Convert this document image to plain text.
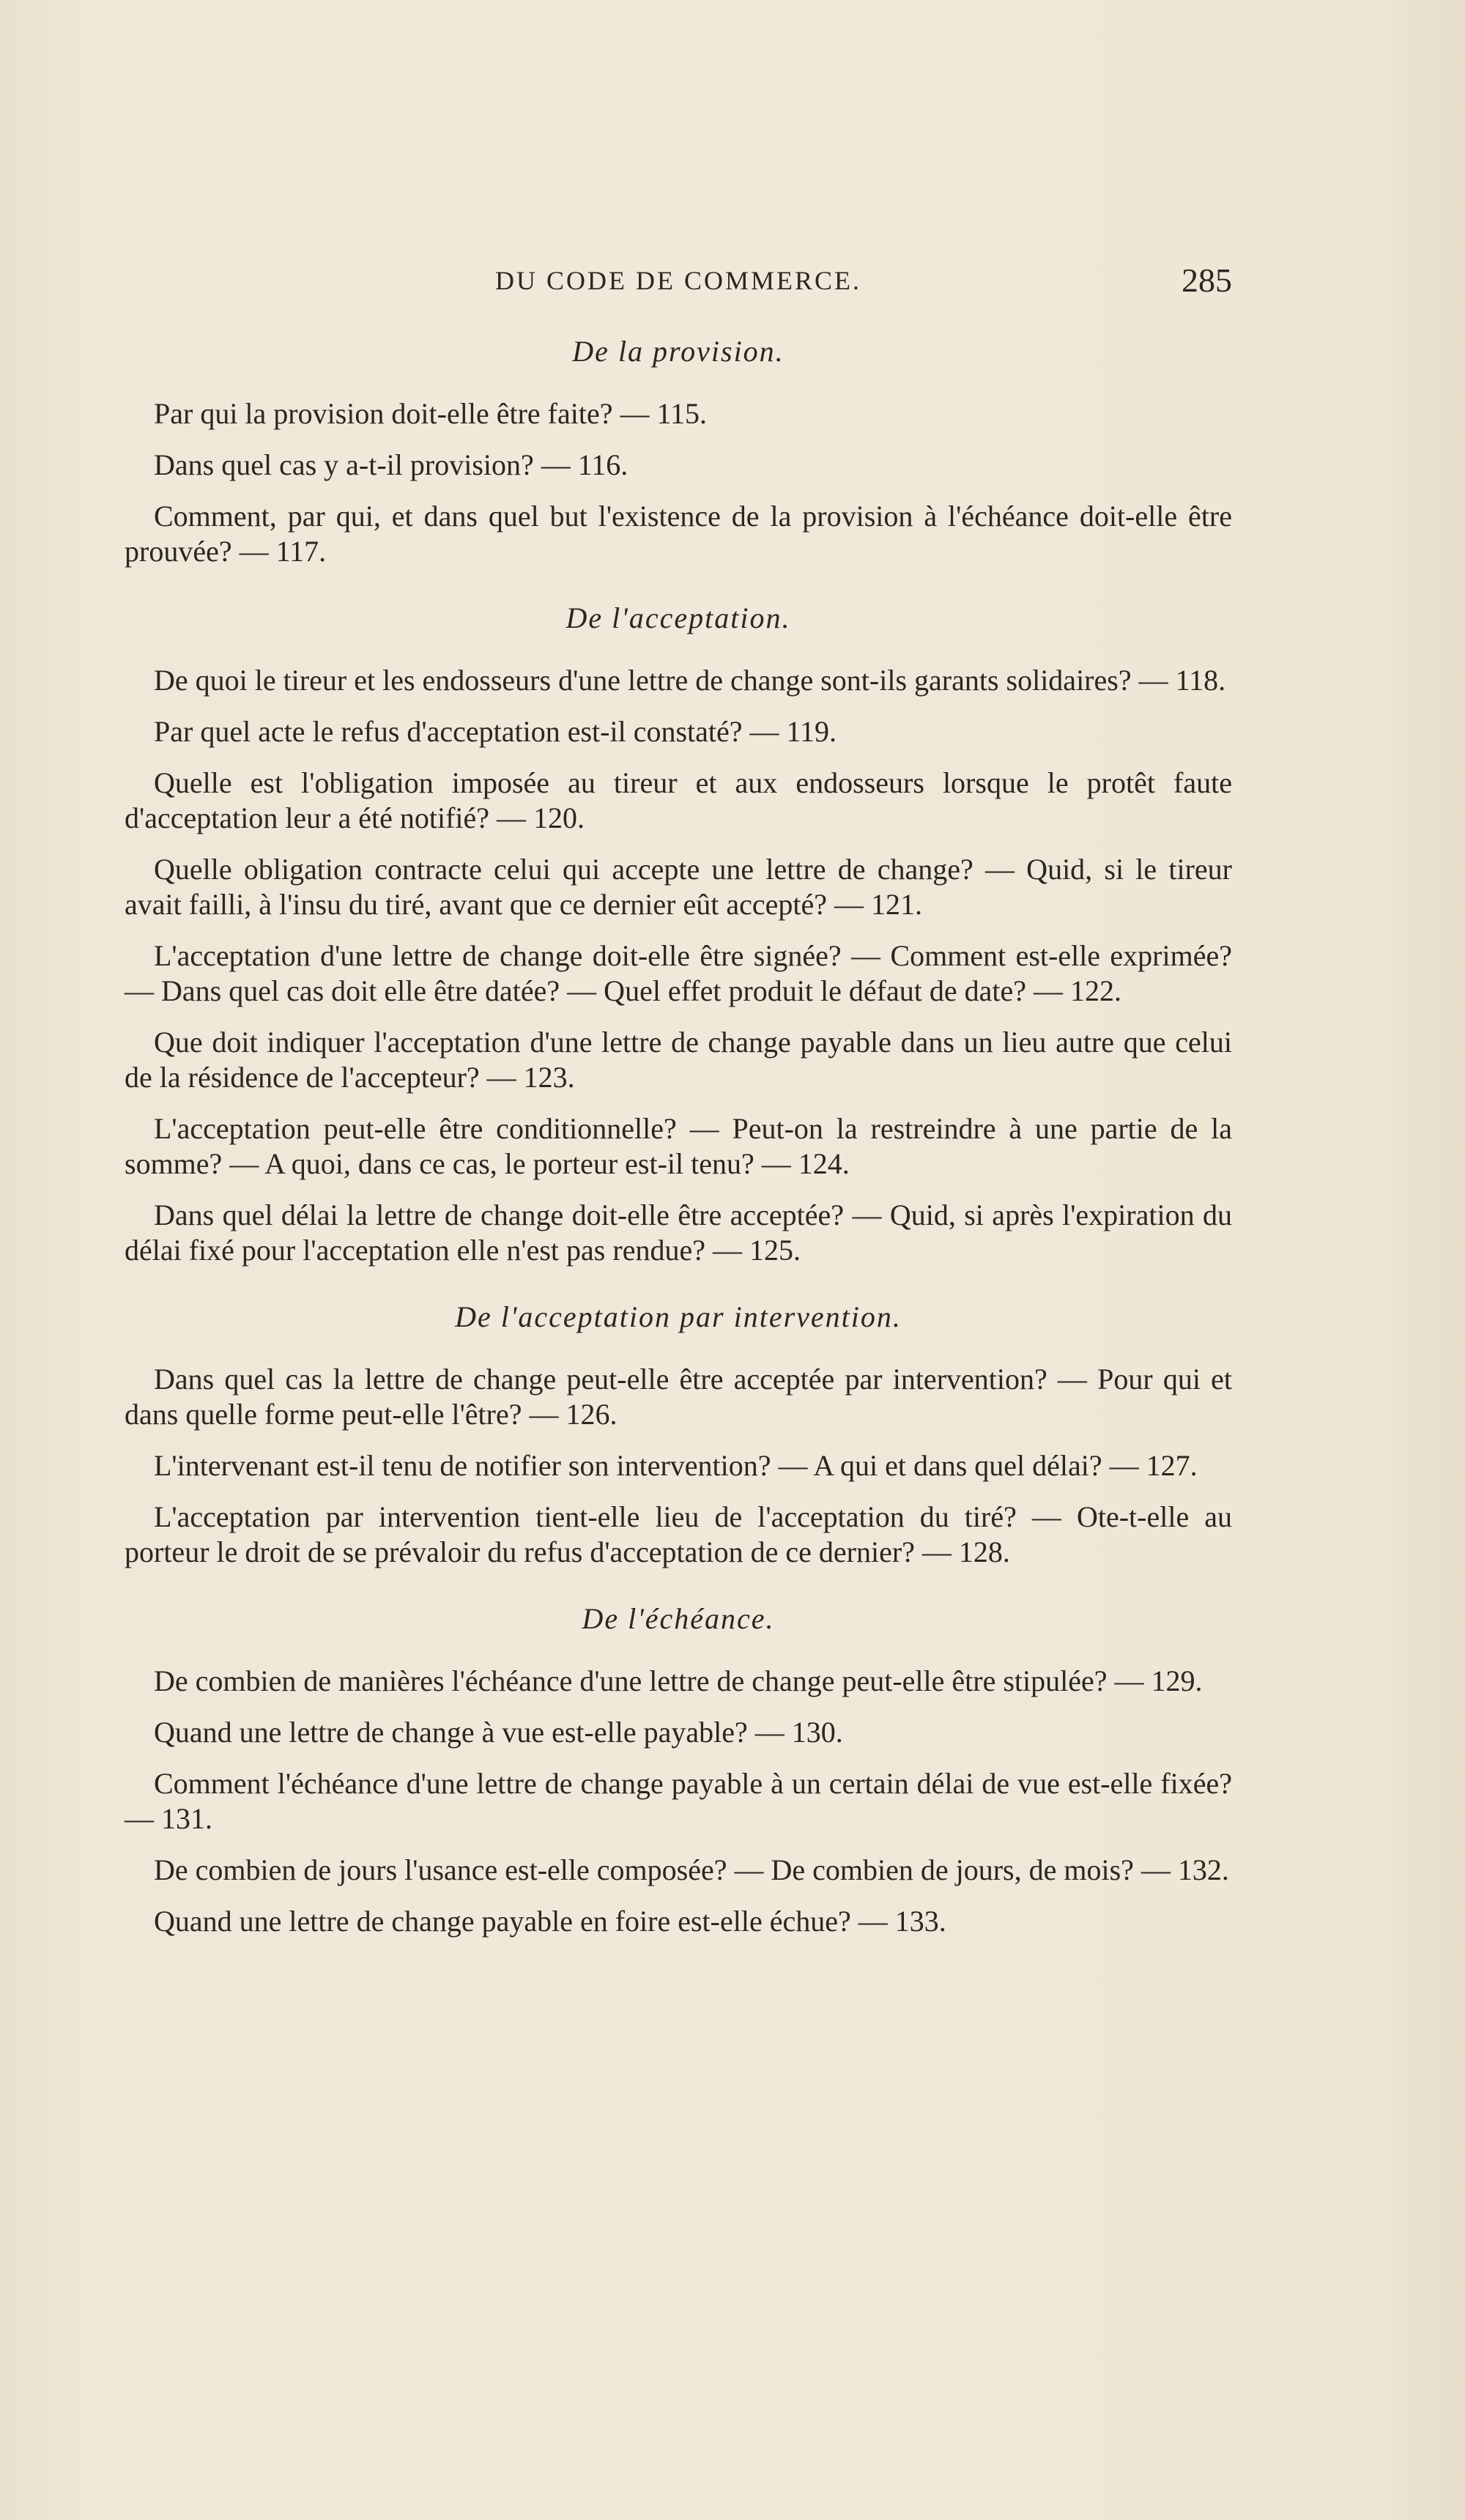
DU CODE DE COMMERCE.	285
De la provision.

Par qui la provision doit-elle être faite? — 115.

Dans quel cas y a-t-il provision? — 116.

Comment, par qui, et dans quel but l'existence de la provision à l'échéance doit-elle être prouvée? — 117.

De l'acceptation.

De quoi le tireur et les endosseurs d'une lettre de change sont-ils garants solidaires? — 118.

Par quel acte le refus d'acceptation est-il constaté? — 119.

Quelle est l'obligation imposée au tireur et aux endosseurs lorsque le protêt faute d'acceptation leur a été notifié? — 120.

Quelle obligation contracte celui qui accepte une lettre de change? — Quid, si le tireur avait failli, à l'insu du tiré, avant que ce dernier eût accepté? — 121.

L'acceptation d'une lettre de change doit-elle être signée? — Comment est-elle exprimée? — Dans quel cas doit elle être datée? — Quel effet produit le défaut de date? — 122.

Que doit indiquer l'acceptation d'une lettre de change payable dans un lieu autre que celui de la résidence de l'accepteur? — 123.

L'acceptation peut-elle être conditionnelle? — Peut-on la restreindre à une partie de la somme? — A quoi, dans ce cas, le porteur est-il tenu? — 124.

Dans quel délai la lettre de change doit-elle être acceptée? — Quid, si après l'expiration du délai fixé pour l'acceptation elle n'est pas rendue? — 125.

De l'acceptation par intervention.

Dans quel cas la lettre de change peut-elle être acceptée par intervention? — Pour qui et dans quelle forme peut-elle l'être? — 126.

L'intervenant est-il tenu de notifier son intervention? — A qui et dans quel délai? — 127.

L'acceptation par intervention tient-elle lieu de l'acceptation du tiré? — Ote-t-elle au porteur le droit de se prévaloir du refus d'acceptation de ce dernier? — 128.

De l'échéance.

De combien de manières l'échéance d'une lettre de change peut-elle être stipulée? — 129.

Quand une lettre de change à vue est-elle payable? — 130.

Comment l'échéance d'une lettre de change payable à un certain délai de vue est-elle fixée? — 131.

De combien de jours l'usance est-elle composée? — De combien de jours, de mois? — 132.

Quand une lettre de change payable en foire est-elle échue? — 133.
